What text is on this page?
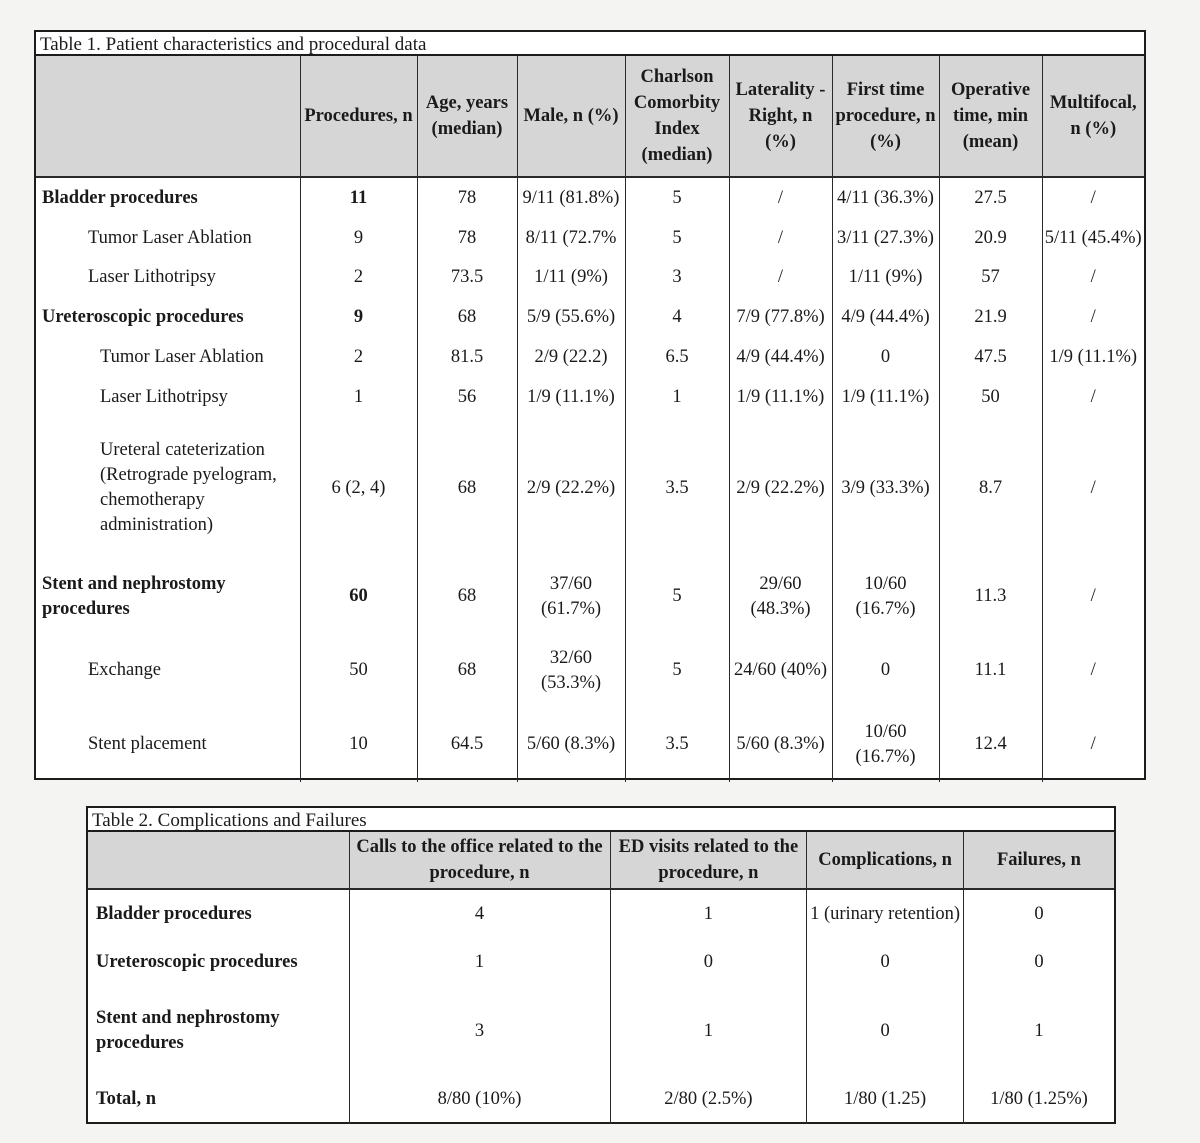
Table 1. Patient characteristics and procedural data
	Procedures, n	Age, years (median)	Male, n (%)	Charlson Comorbity Index (median)	Laterality -Right, n (%)	First time procedure, n (%)	Operative time, min (mean)	Multifocal, n (%)
Bladder procedures	11	78	9/11 (81.8%)	5	/	4/11 (36.3%)	27.5	/
Tumor Laser Ablation	9	78	8/11 (72.7%	5	/	3/11 (27.3%)	20.9	5/11 (45.4%)
Laser Lithotripsy	2	73.5	1/11 (9%)	3	/	1/11 (9%)	57	/
Ureteroscopic procedures	9	68	5/9 (55.6%)	4	7/9 (77.8%)	4/9 (44.4%)	21.9	/
Tumor Laser Ablation	2	81.5	2/9 (22.2)	6.5	4/9 (44.4%)	0	47.5	1/9 (11.1%)
Laser Lithotripsy	1	56	1/9 (11.1%)	1	1/9 (11.1%)	1/9 (11.1%)	50	/
Ureteral cateterization (Retrograde pyelogram, chemotherapy administration)	6 (2, 4)	68	2/9 (22.2%)	3.5	2/9 (22.2%)	3/9 (33.3%)	8.7	/
Stent and nephrostomy procedures	60	68	37/60 (61.7%)	5	29/60 (48.3%)	10/60 (16.7%)	11.3	/
Exchange	50	68	32/60 (53.3%)	5	24/60 (40%)	0	11.1	/
Stent placement	10	64.5	5/60 (8.3%)	3.5	5/60 (8.3%)	10/60 (16.7%)	12.4	/
Table 2. Complications and Failures
	Calls to the office related to the procedure, n	ED visits related to the procedure, n	Complications, n	Failures, n
Bladder procedures	4	1	1 (urinary retention)	0
Ureteroscopic procedures	1	0	0	0
Stent and nephrostomy procedures	3	1	0	1
Total, n	8/80 (10%)	2/80 (2.5%)	1/80 (1.25)	1/80 (1.25%)
